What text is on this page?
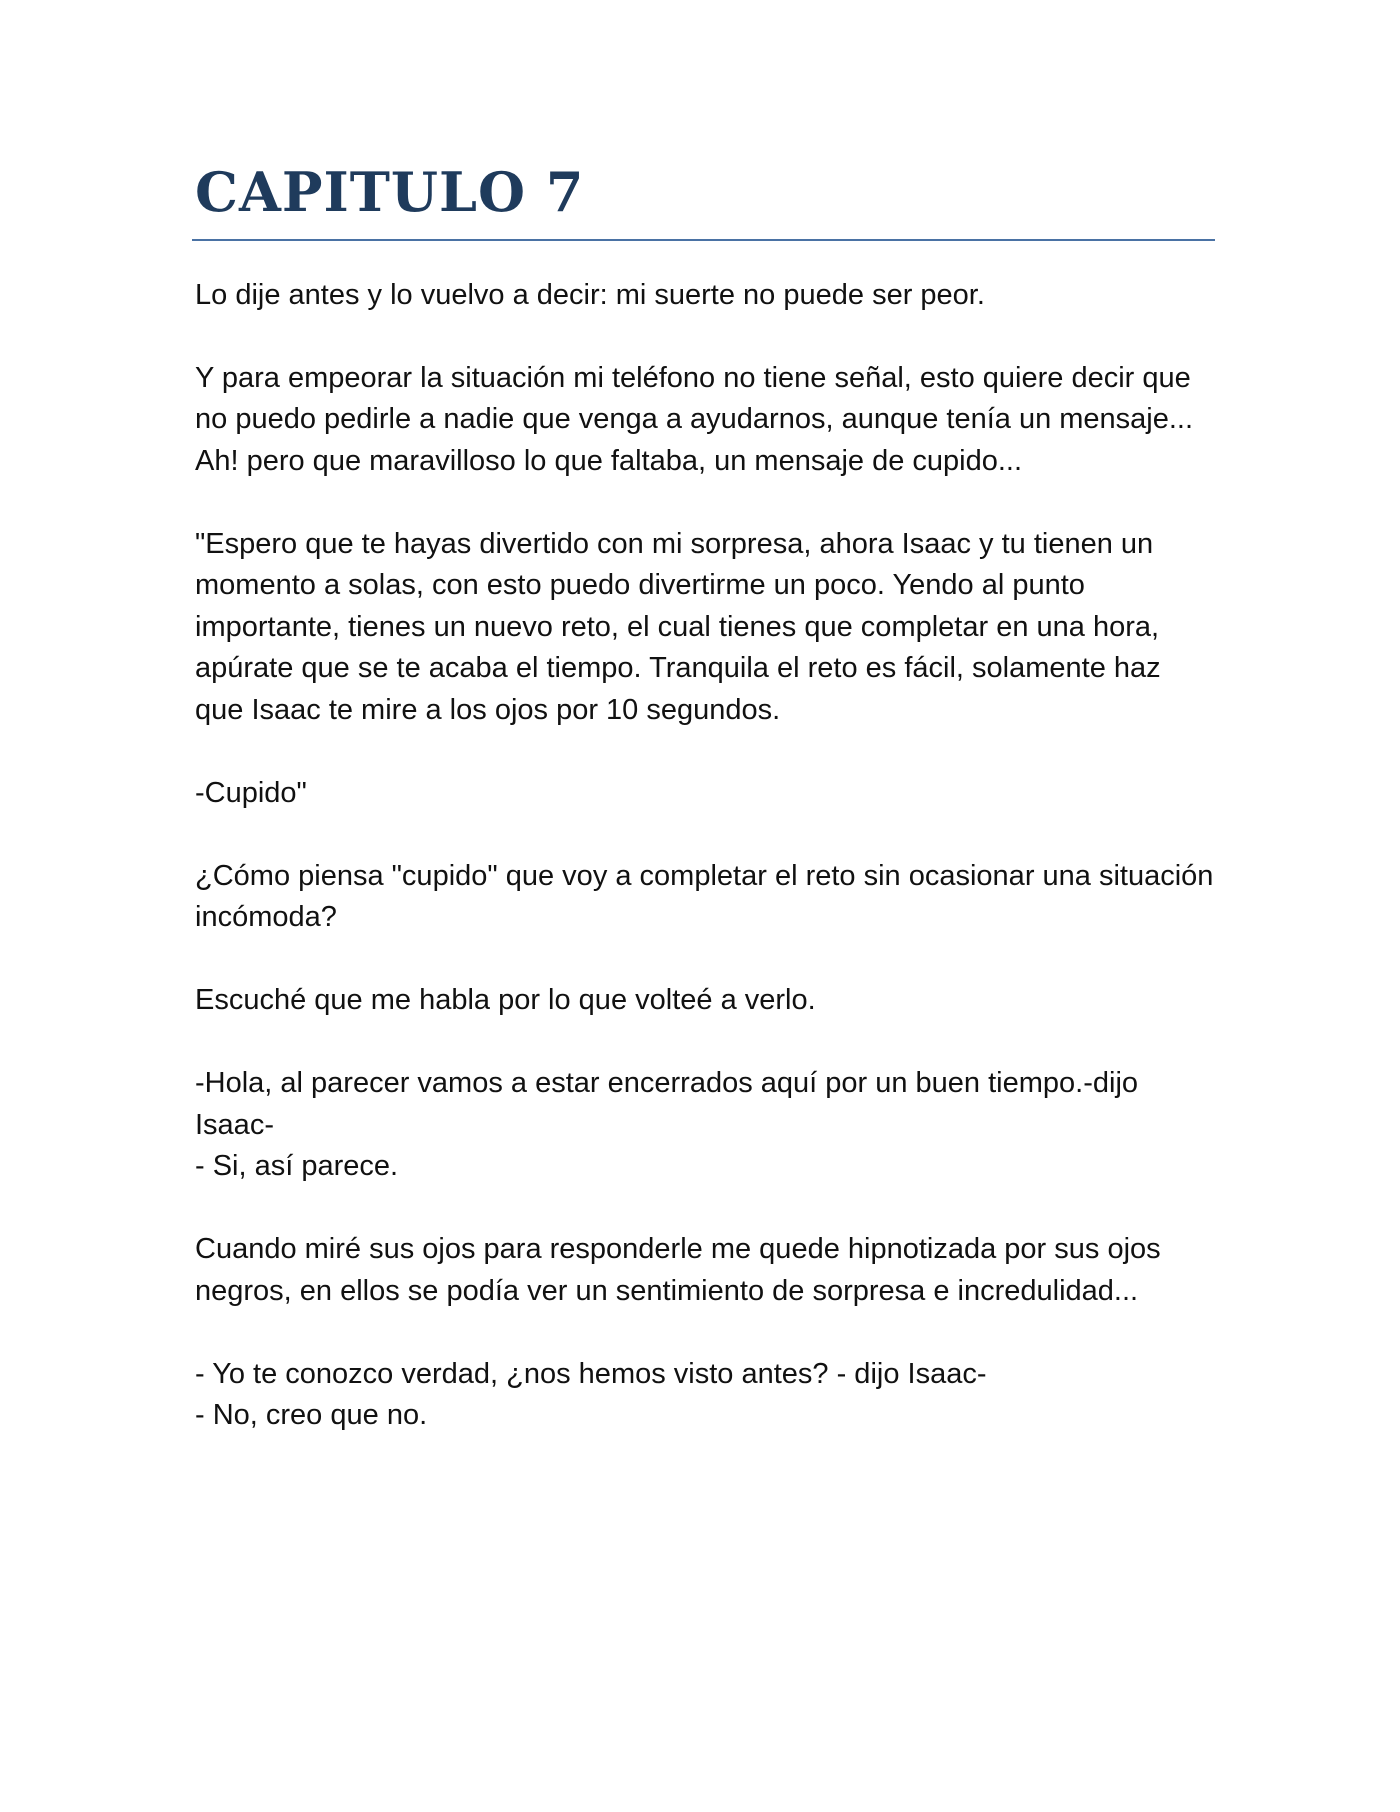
CAPITULO 7

Lo dije antes y lo vuelvo a decir: mi suerte no puede ser peor.

Y para empeorar la situación mi teléfono no tiene señal, esto quiere decir que no puedo pedirle a nadie que venga a ayudarnos, aunque tenía un mensaje... Ah! pero que maravilloso lo que faltaba, un mensaje de cupido...

"Espero que te hayas divertido con mi sorpresa, ahora Isaac y tu tienen un momento a solas, con esto puedo divertirme un poco. Yendo al punto importante, tienes un nuevo reto, el cual tienes que completar en una hora, apúrate que se te acaba el tiempo. Tranquila el reto es fácil, solamente haz que Isaac te mire a los ojos por 10 segundos.

-Cupido"

¿Cómo piensa "cupido" que voy a completar el reto sin ocasionar una situación incómoda?

Escuché que me habla por lo que volteé a verlo.

-Hola, al parecer vamos a estar encerrados aquí por un buen tiempo.-dijo Isaac-

- Si, así parece.

Cuando miré sus ojos para responderle me quede hipnotizada por sus ojos negros, en ellos se podía ver un sentimiento de sorpresa e incredulidad...

- Yo te conozco verdad, ¿nos hemos visto antes? - dijo Isaac-

- No, creo que no.
